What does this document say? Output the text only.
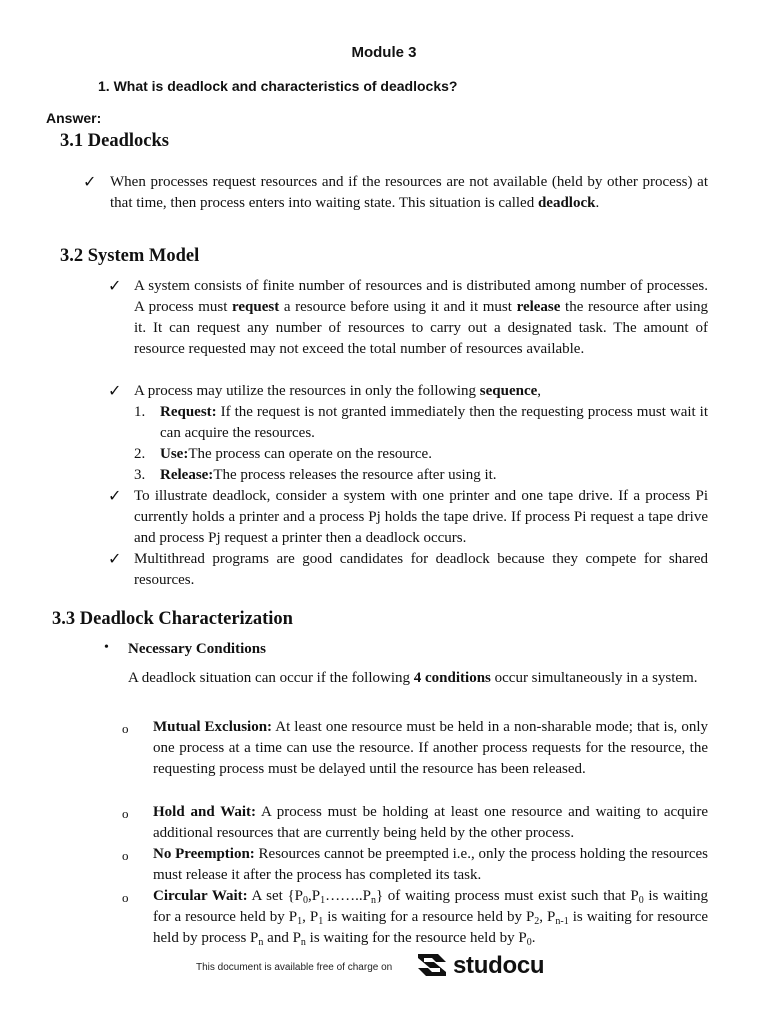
Module 3
1. What is deadlock and characteristics of deadlocks?
Answer:
3.1 Deadlocks
✓ When processes request resources and if the resources are not available (held by other process) at that time, then process enters into waiting state. This situation is called deadlock.
3.2 System Model
✓ A system consists of finite number of resources and is distributed among number of processes. A process must request a resource before using it and it must release the resource after using it. It can request any number of resources to carry out a designated task. The amount of resource requested may not exceed the total number of resources available.
✓ A process may utilize the resources in only the following sequence,
1. Request: If the request is not granted immediately then the requesting process must wait it can acquire the resources.
2. Use:The process can operate on the resource.
3. Release:The process releases the resource after using it.
✓ To illustrate deadlock, consider a system with one printer and one tape drive. If a process Pi currently holds a printer and a process Pj holds the tape drive. If process Pi request a tape drive and process Pj request a printer then a deadlock occurs.
✓ Multithread programs are good candidates for deadlock because they compete for shared resources.
3.3 Deadlock Characterization
• Necessary Conditions
A deadlock situation can occur if the following 4 conditions occur simultaneously in a system.
o Mutual Exclusion: At least one resource must be held in a non-sharable mode; that is, only one process at a time can use the resource. If another process requests for the resource, the requesting process must be delayed until the resource has been released.
o Hold and Wait: A process must be holding at least one resource and waiting to acquire additional resources that are currently being held by the other process.
o No Preemption: Resources cannot be preempted i.e., only the process holding the resources must release it after the process has completed its task.
o Circular Wait: A set $\{P_0,P_1\dots\dots..P_n\}$ of waiting process must exist such that $P_0$ is waiting for a resource held by $P_1$, $P_1$ is waiting for a resource held by $P_2$, $P_{n-1}$ is waiting for resource held by process $P_n$ and $P_n$ is waiting for the resource held by $P_0$.
This document is available free of charge on	studocu
